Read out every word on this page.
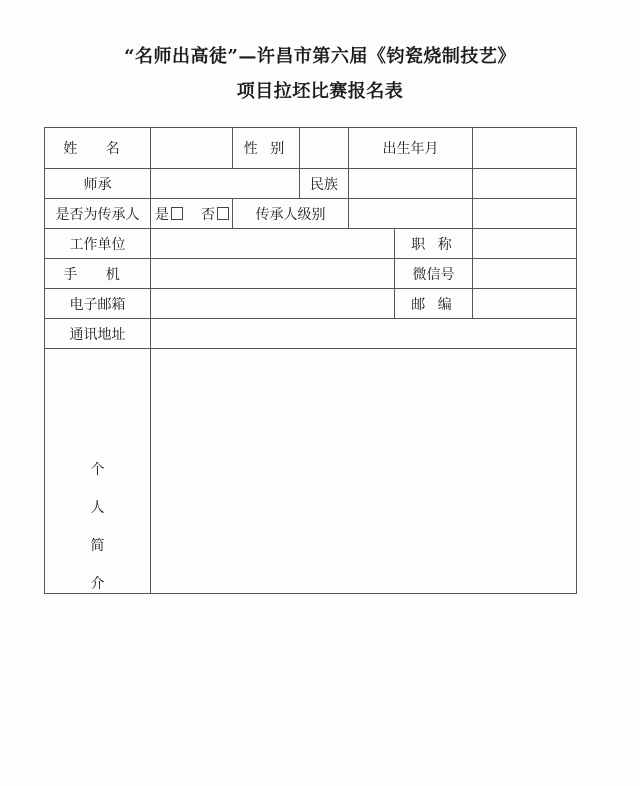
“名师出高徒”—许昌市第六届《钧瓷烧制技艺》
项目拉坯比赛报名表
姓 名		性 别		出生年月		
师承			民族			
是否为传承人	是 否	传承人级别				
工作单位					职 称	
手 机					微信号	
电子邮箱					邮 编	
通讯地址						

个
人
简
介						
